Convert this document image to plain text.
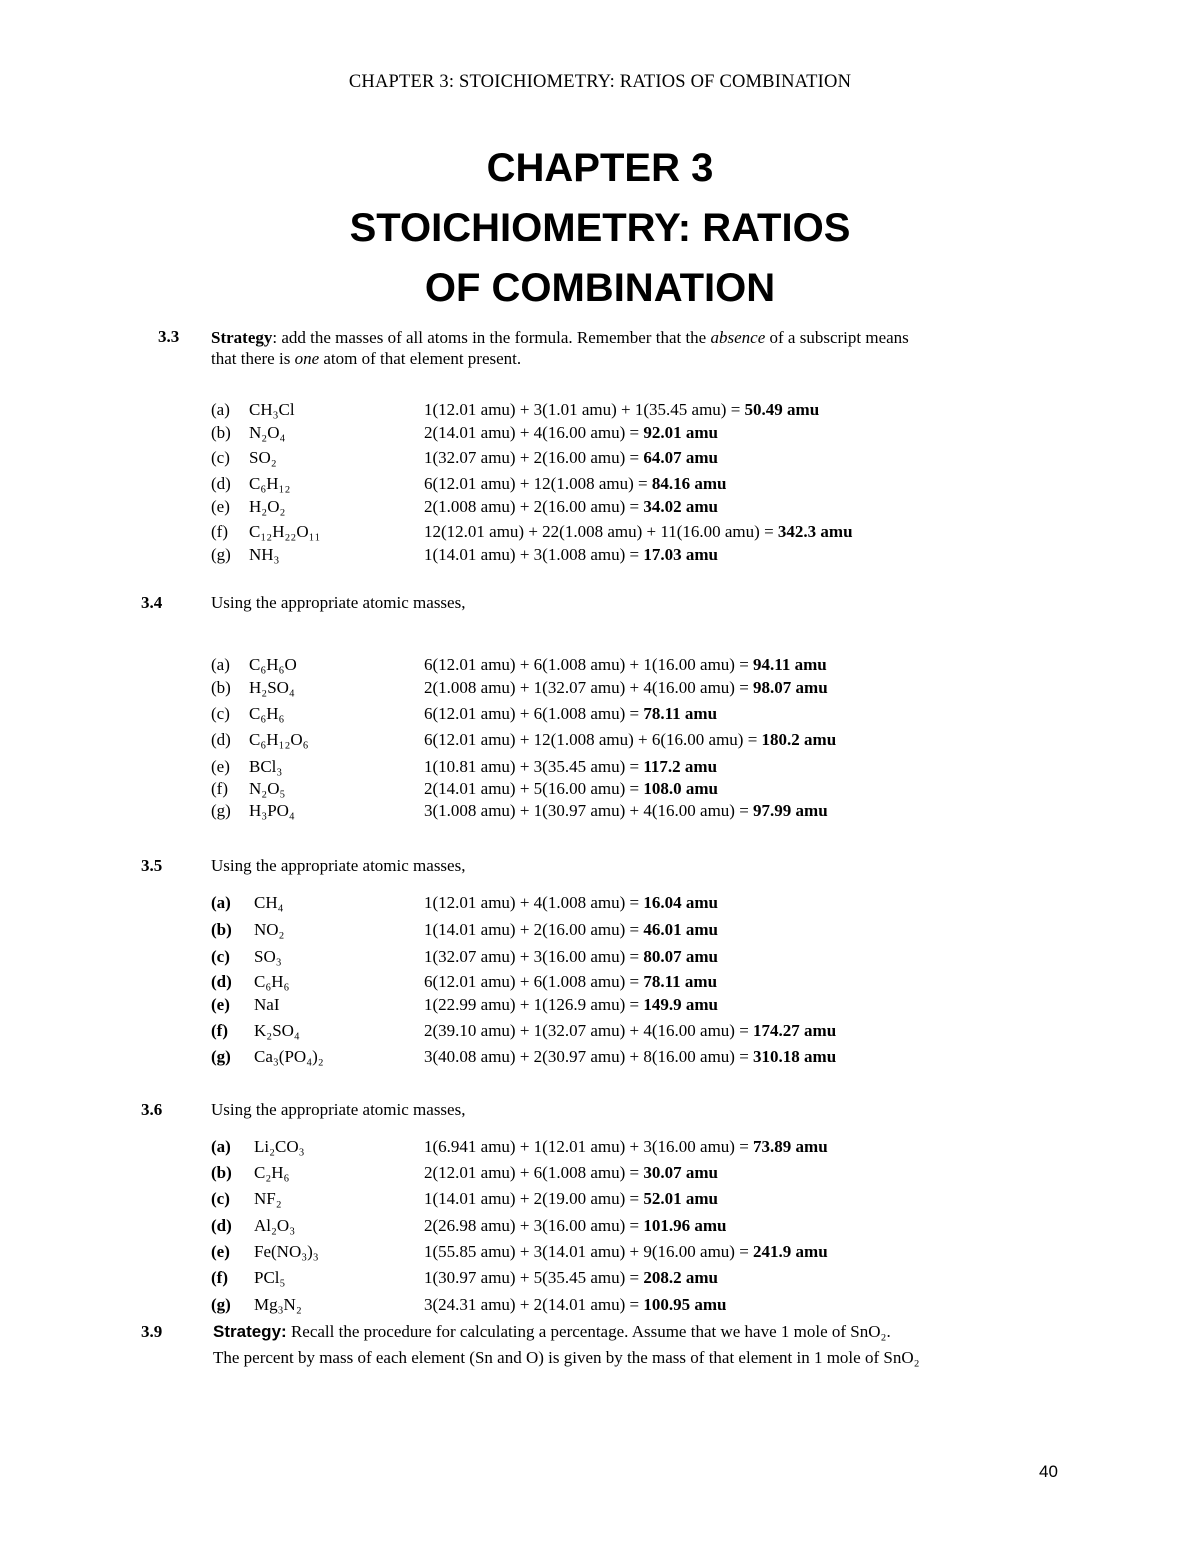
CHAPTER 3: STOICHIOMETRY: RATIOS OF COMBINATION
CHAPTER 3
STOICHIOMETRY: RATIOS
OF COMBINATION
3.3 Strategy: add the masses of all atoms in the formula. Remember that the absence of a subscript means
that there is one atom of that element present.
(a) CH₃Cl	1(12.01 amu) + 3(1.01 amu) + 1(35.45 amu) = 50.49 amu
(b) N₂O₄	2(14.01 amu) + 4(16.00 amu) = 92.01 amu
(c) SO₂	1(32.07 amu) + 2(16.00 amu) = 64.07 amu
(d) C₆H₁₂	6(12.01 amu) + 12(1.008 amu) = 84.16 amu
(e) H₂O₂	2(1.008 amu) + 2(16.00 amu) = 34.02 amu
(f) C₁₂H₂₂O₁₁	12(12.01 amu) + 22(1.008 amu) + 11(16.00 amu) = 342.3 amu
(g) NH₃	1(14.01 amu) + 3(1.008 amu) = 17.03 amu
3.4	Using the appropriate atomic masses,
(a) C₆H₆O	6(12.01 amu) + 6(1.008 amu) + 1(16.00 amu) = 94.11 amu
(b) H₂SO₄	2(1.008 amu) + 1(32.07 amu) + 4(16.00 amu) = 98.07 amu
(c) C₆H₆	6(12.01 amu) + 6(1.008 amu) = 78.11 amu
(d) C₆H₁₂O₆	6(12.01 amu) + 12(1.008 amu) + 6(16.00 amu) = 180.2 amu
(e) BCl₃	1(10.81 amu) + 3(35.45 amu) = 117.2 amu
(f) N₂O₅	2(14.01 amu) + 5(16.00 amu) = 108.0 amu
(g) H₃PO₄	3(1.008 amu) + 1(30.97 amu) + 4(16.00 amu) = 97.99 amu
3.5	Using the appropriate atomic masses,
(a) CH₄	1(12.01 amu) + 4(1.008 amu) = 16.04 amu
(b) NO₂	1(14.01 amu) + 2(16.00 amu) = 46.01 amu
(c) SO₃	1(32.07 amu) + 3(16.00 amu) = 80.07 amu
(d) C₆H₆	6(12.01 amu) + 6(1.008 amu) = 78.11 amu
(e) NaI	1(22.99 amu) + 1(126.9 amu) = 149.9 amu
(f) K₂SO₄	2(39.10 amu) + 1(32.07 amu) + 4(16.00 amu) = 174.27 amu
(g) Ca₃(PO₄)₂	3(40.08 amu) + 2(30.97 amu) + 8(16.00 amu) = 310.18 amu
3.6	Using the appropriate atomic masses,
(a) Li₂CO₃	1(6.941 amu) + 1(12.01 amu) + 3(16.00 amu) = 73.89 amu
(b) C₂H₆	2(12.01 amu) + 6(1.008 amu) = 30.07 amu
(c) NF₂	1(14.01 amu) + 2(19.00 amu) = 52.01 amu
(d) Al₂O₃	2(26.98 amu) + 3(16.00 amu) = 101.96 amu
(e) Fe(NO₃)₃	1(55.85 amu) + 3(14.01 amu) + 9(16.00 amu) = 241.9 amu
(f) PCl₅	1(30.97 amu) + 5(35.45 amu) = 208.2 amu
(g) Mg₃N₂	3(24.31 amu) + 2(14.01 amu) = 100.95 amu
3.9	Strategy: Recall the procedure for calculating a percentage. Assume that we have 1 mole of SnO₂.
The percent by mass of each element (Sn and O) is given by the mass of that element in 1 mole of SnO₂
40
